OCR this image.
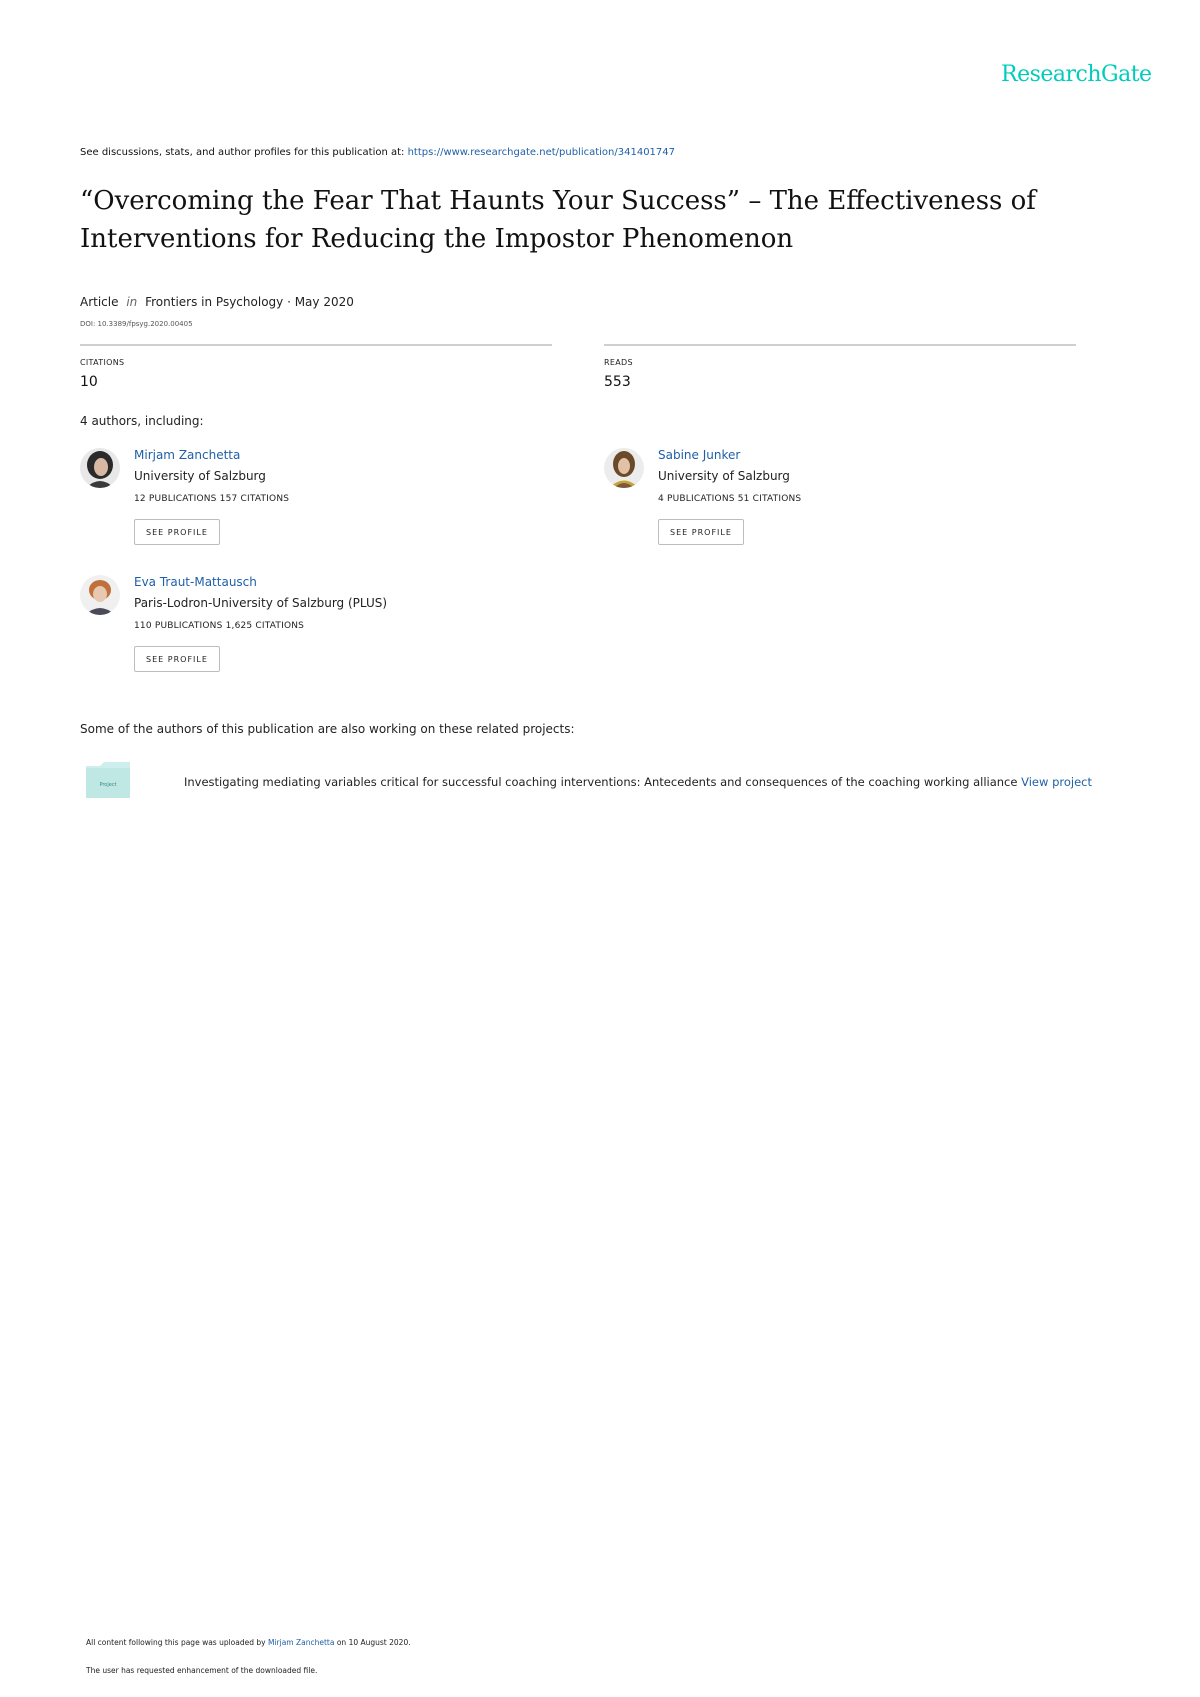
ResearchGate
See discussions, stats, and author profiles for this publication at: https://www.researchgate.net/publication/341401747
“Overcoming the Fear That Haunts Your Success” – The Effectiveness of
Interventions for Reducing the Impostor Phenomenon
Article in Frontiers in Psychology · May 2020
DOI: 10.3389/fpsyg.2020.00405
CITATIONS
10
READS
553
4 authors, including:
Mirjam Zanchetta
University of Salzburg
12 PUBLICATIONS 157 CITATIONS
SEE PROFILE
Sabine Junker
University of Salzburg
4 PUBLICATIONS 51 CITATIONS
SEE PROFILE
Eva Traut-Mattausch
Paris-Lodron-University of Salzburg (PLUS)
110 PUBLICATIONS 1,625 CITATIONS
SEE PROFILE
Some of the authors of this publication are also working on these related projects:
Project	Investigating mediating variables critical for successful coaching interventions: Antecedents and consequences of the coaching working alliance View project
All content following this page was uploaded by Mirjam Zanchetta on 10 August 2020.
The user has requested enhancement of the downloaded file.
